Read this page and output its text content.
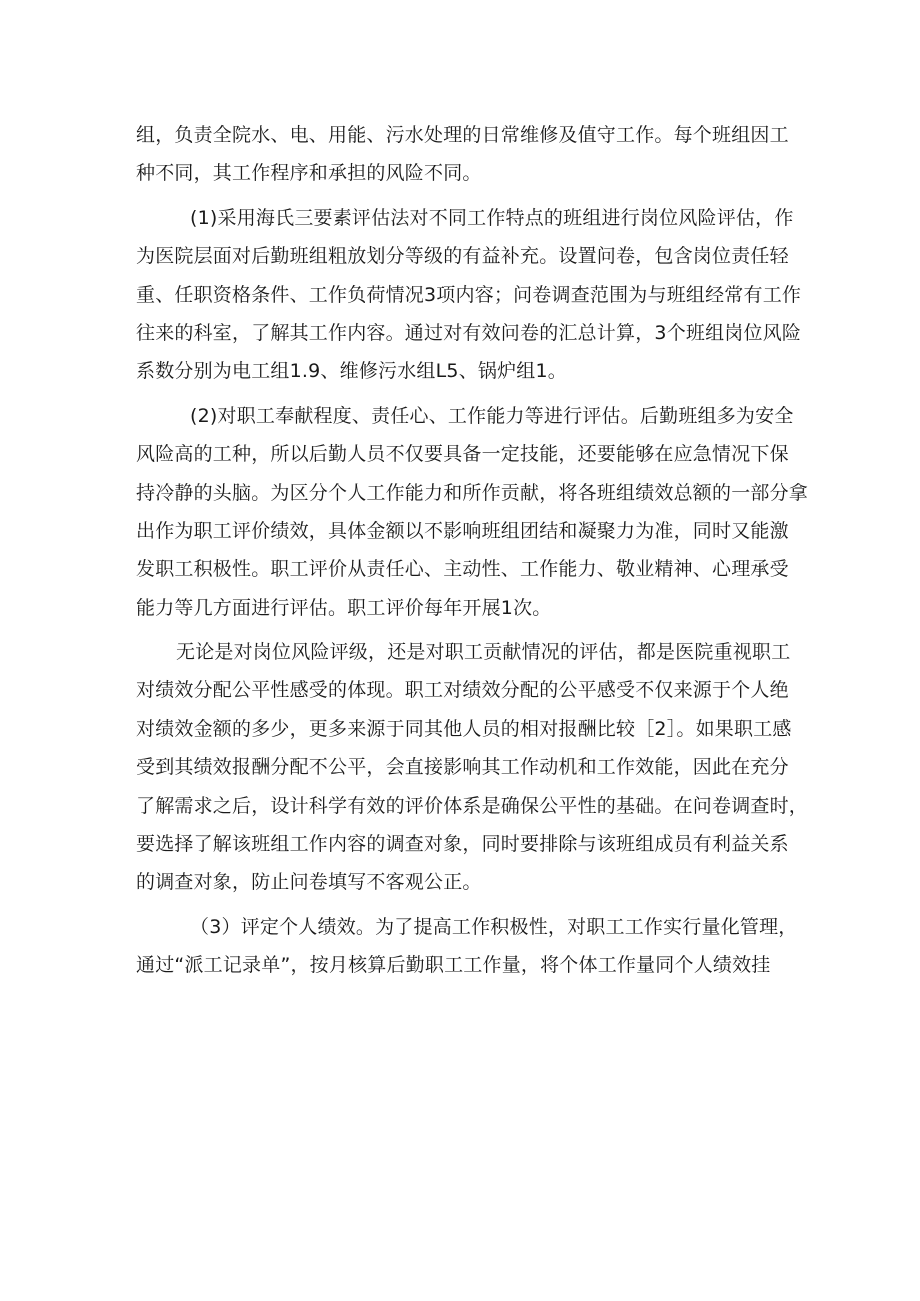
组，负责全院水、电、用能、污水处理的日常维修及值守工作。每个班组因工
种不同，其工作程序和承担的风险不同。
(1)采用海氏三要素评估法对不同工作特点的班组进行岗位风险评估，作
为医院层面对后勤班组粗放划分等级的有益补充。设置问卷，包含岗位责任轻
重、任职资格条件、工作负荷情况3项内容；问卷调查范围为与班组经常有工作
往来的科室，了解其工作内容。通过对有效问卷的汇总计算，3个班组岗位风险
系数分别为电工组1.9、维修污水组L5、锅炉组1。
(2)对职工奉献程度、责任心、工作能力等进行评估。后勤班组多为安全
风险高的工种，所以后勤人员不仅要具备一定技能，还要能够在应急情况下保
持冷静的头脑。为区分个人工作能力和所作贡献，将各班组绩效总额的一部分拿
出作为职工评价绩效，具体金额以不影响班组团结和凝聚力为准，同时又能激
发职工积极性。职工评价从责任心、主动性、工作能力、敬业精神、心理承受
能力等几方面进行评估。职工评价每年开展1次。
无论是对岗位风险评级，还是对职工贡献情况的评估，都是医院重视职工
对绩效分配公平性感受的体现。职工对绩效分配的公平感受不仅来源于个人绝
对绩效金额的多少，更多来源于同其他人员的相对报酬比较［2］。如果职工感
受到其绩效报酬分配不公平，会直接影响其工作动机和工作效能，因此在充分
了解需求之后，设计科学有效的评价体系是确保公平性的基础。在问卷调查时，
要选择了解该班组工作内容的调查对象，同时要排除与该班组成员有利益关系
的调查对象，防止问卷填写不客观公正。
（3）评定个人绩效。为了提高工作积极性，对职工工作实行量化管理，
通过“派工记录单”，按月核算后勤职工工作量，将个体工作量同个人绩效挂
